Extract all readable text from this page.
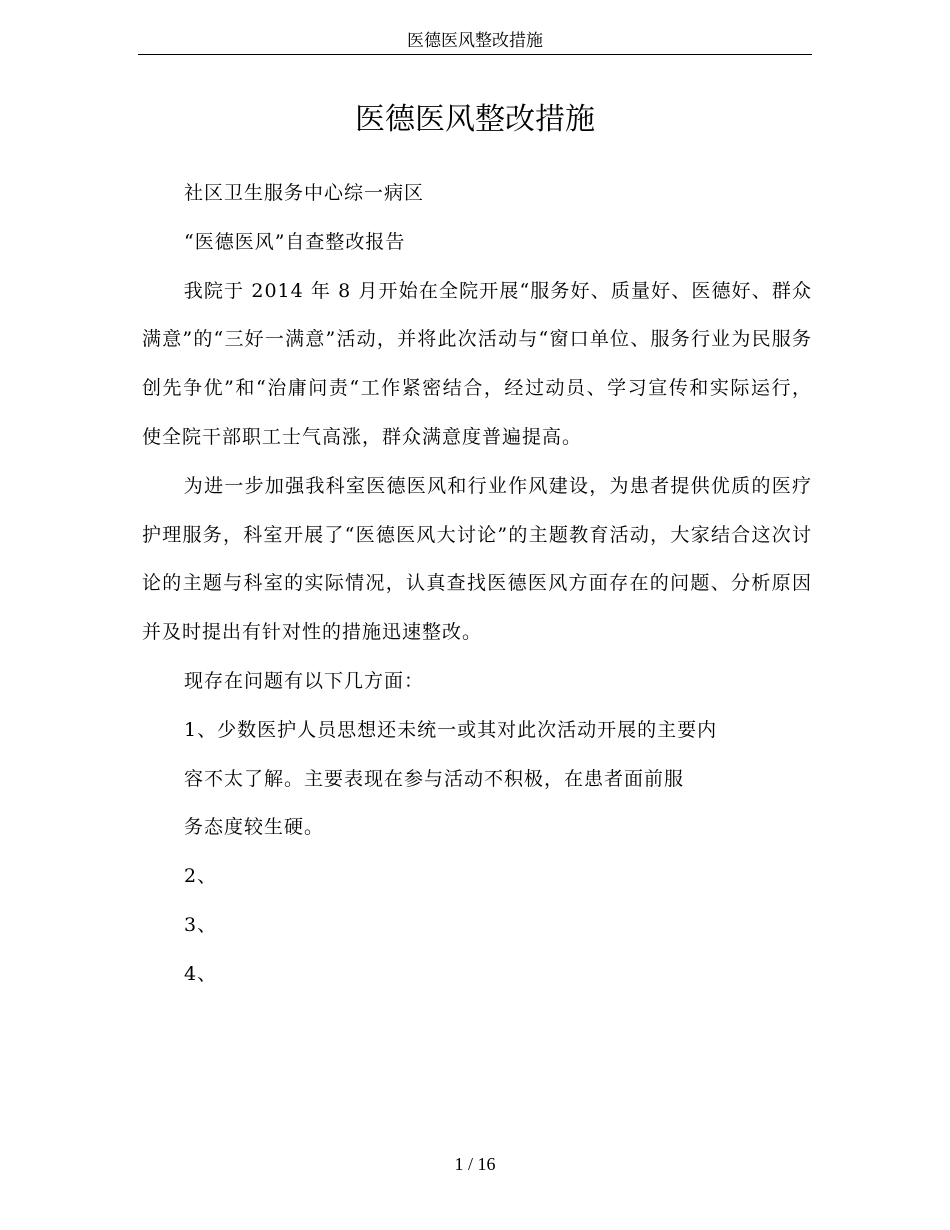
医德医风整改措施
医德医风整改措施

社区卫生服务中心综一病区

“医德医风”自查整改报告

我院于 2014 年 8 月开始在全院开展“服务好、质量好、医德好、群众满意”的“三好一满意”活动，并将此次活动与“窗口单位、服务行业为民服务创先争优”和“治庸问责“工作紧密结合，经过动员、学习宣传和实际运行，使全院干部职工士气高涨，群众满意度普遍提高。

为进一步加强我科室医德医风和行业作风建设，为患者提供优质的医疗护理服务，科室开展了“医德医风大讨论”的主题教育活动，大家结合这次讨论的主题与科室的实际情况，认真查找医德医风方面存在的问题、分析原因并及时提出有针对性的措施迅速整改。

现存在问题有以下几方面：

1、少数医护人员思想还未统一或其对此次活动开展的主要内

容不太了解。主要表现在参与活动不积极，在患者面前服

务态度较生硬。

2、

3、

4、

1 / 16
